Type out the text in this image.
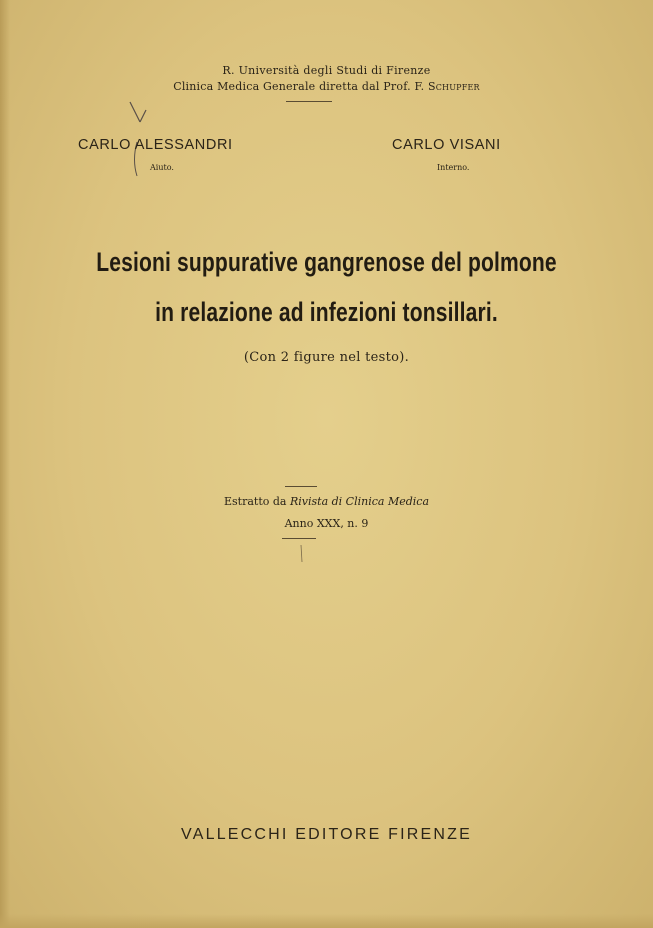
R. Università degli Studi di Firenze
Clinica Medica Generale diretta dal Prof. F. Schupfer
CARLO ALESSANDRI
Aiuto.
CARLO VISANI
Interno.
Lesioni suppurative gangrenose del polmone
in relazione ad infezioni tonsillari.
(Con 2 figure nel testo).
Estratto da Rivista di Clinica Medica
Anno XXX, n. 9
VALLECCHI EDITORE FIRENZE
